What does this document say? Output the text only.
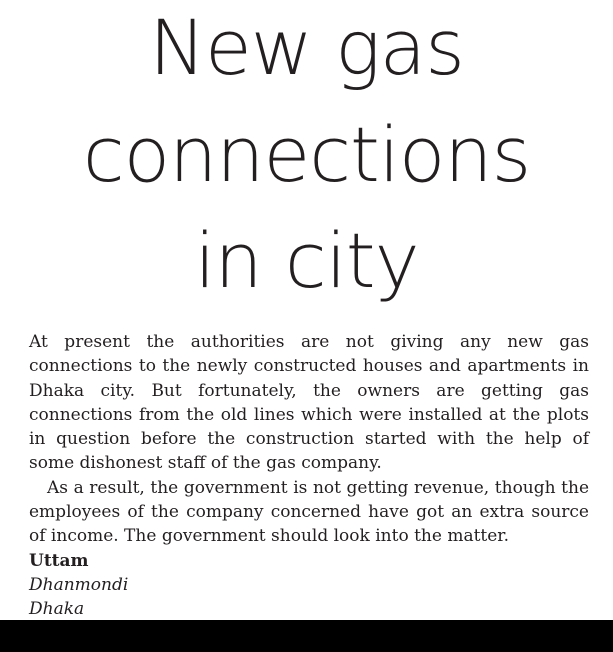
New gas
connections
in city

At present the authorities are not giving any new gas connections to the newly constructed houses and apartments in Dhaka city. But fortunately, the owners are getting gas connections from the old lines which were installed at the plots in question before the construction started with the help of some dishonest staff of the gas company.

As a result, the government is not getting revenue, though the employees of the company concerned have got an extra source of income. The government should look into the matter.

Uttam
Dhanmondi
Dhaka
